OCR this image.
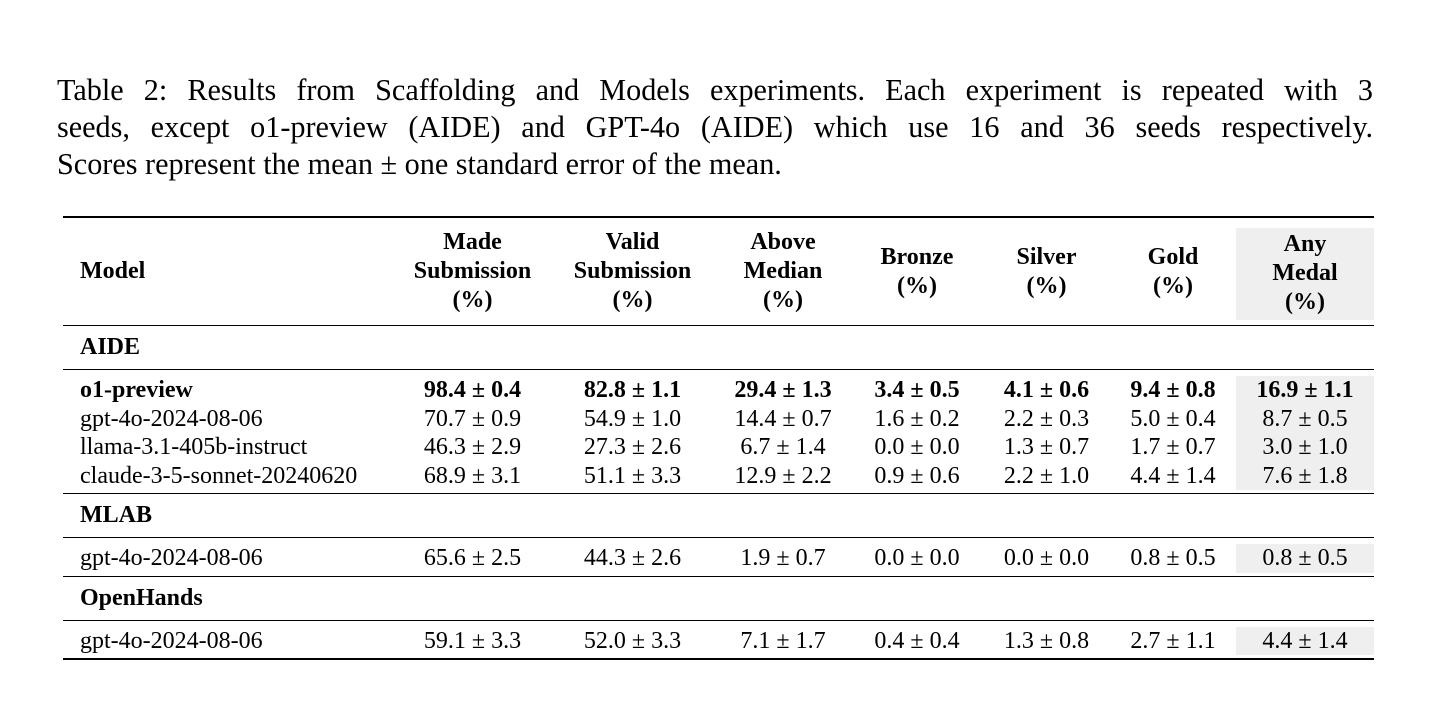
Table 2: Results from Scaffolding and Models experiments. Each experiment is repeated with 3
seeds, except o1-preview (AIDE) and GPT-4o (AIDE) which use 16 and 36 seeds respectively.
Scores represent the mean ± one standard error of the mean.
Model	Made
Submission
(%)	Valid
Submission
(%)	Above
Median
(%)	Bronze
(%)	Silver
(%)	Gold
(%)	Any
Medal
(%)
AIDE							
o1-preview	98.4 ± 0.4	82.8 ± 1.1	29.4 ± 1.3	3.4 ± 0.5	4.1 ± 0.6	9.4 ± 0.8	16.9 ± 1.1

gpt-4o-2024-08-06	70.7 ± 0.9	54.9 ± 1.0	14.4 ± 0.7	1.6 ± 0.2	2.2 ± 0.3	5.0 ± 0.4	8.7 ± 0.5

llama-3.1-405b-instruct	46.3 ± 2.9	27.3 ± 2.6	6.7 ± 1.4	0.0 ± 0.0	1.3 ± 0.7	1.7 ± 0.7	3.0 ± 1.0

claude-3-5-sonnet-20240620	68.9 ± 3.1	51.1 ± 3.3	12.9 ± 2.2	0.9 ± 0.6	2.2 ± 1.0	4.4 ± 1.4	7.6 ± 1.8

MLAB							
gpt-4o-2024-08-06	65.6 ± 2.5	44.3 ± 2.6	1.9 ± 0.7	0.0 ± 0.0	0.0 ± 0.0	0.8 ± 0.5	0.8 ± 0.5

OpenHands							
gpt-4o-2024-08-06	59.1 ± 3.3	52.0 ± 3.3	7.1 ± 1.7	0.4 ± 0.4	1.3 ± 0.8	2.7 ± 1.1	4.4 ± 1.4
